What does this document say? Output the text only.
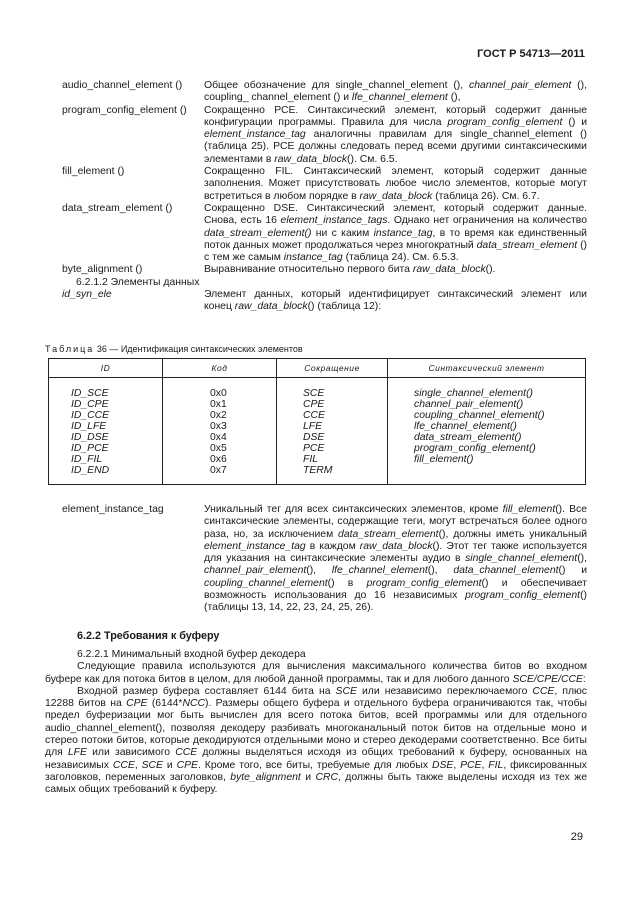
ГОСТ Р 54713—2011
audio_channel_element ()	Общее обозначение для single_channel_element (), channel_pair_element (), coupling_ channel_element () и lfe_channel_element (),
program_config_element ()	Сокращенно РСЕ. Синтаксический элемент, который содержит данные конфигурации программы. Правила для числа program_config_element () и element_instance_tag аналогичны правилам для single_channel_element () (таблица 25). РСЕ должны следовать перед всеми другими синтаксическими элементами в raw_data_block(). См. 6.5.
fill_element ()	Сокращенно FIL. Синтаксический элемент, который содержит данные заполнения. Может присутствовать любое число элементов, которые могут встретиться в любом порядке в raw_data_block (таблица 26). См. 6.7.
data_stream_element ()	Сокращенно DSE. Синтаксический элемент, который содержит данные. Снова, есть 16 element_instance_tags. Однако нет ограничения на количество data_stream_element() ни с каким instance_tag, в то время как единственный поток данных может продолжаться через многократный data_stream_element () с тем же самым instance_tag (таблица 24). См. 6.5.3.
byte_alignment ()	Выравнивание относительно первого бита raw_data_block().
6.2.1.2 Элементы данных
id_syn_ele	Элемент данных, который идентифицирует синтаксический элемент или конец raw_data_block() (таблица 12):
Таблица 36 — Идентификация синтаксических элементов
ID	Код	Сокращение	Синтаксический элемент
ID_SCE	0x0	SCE	single_channel_element()
ID_CPE	0x1	CPE	channel_pair_element()
ID_CCE	0x2	CCE	coupling_channel_element()
ID_LFE	0x3	LFE	lfe_channel_element()
ID_DSE	0x4	DSE	data_stream_element()
ID_PCE	0x5	PCE	program_config_element()
ID_FIL	0x6	FIL	fill_element()
ID_END	0x7	TERM	
element_instance_tag	Уникальный тег для всех синтаксических элементов, кроме fill_element(). Все синтаксические элементы, содержащие теги, могут встречаться более одного раза, но, за исключением data_stream_element(), должны иметь уникальный element_instance_tag в каждом raw_data_block(). Этот тег также используется для указания на синтаксические элементы аудио в single_channel_element(), channel_pair_element(), lfe_channel_element(), data_channel_element() и coupling_channel_element() в program_config_element() и обеспечивает возможность использования до 16 независимых program_config_element() (таблицы 13, 14, 22, 23, 24, 25, 26).
6.2.2 Требования к буферу

6.2.2.1 Минимальный входной буфер декодера

Следующие правила используются для вычисления максимального количества битов во входном буфере как для потока битов в целом, для любой данной программы, так и для любого данного SCE/CPE/CCE:

Входной размер буфера составляет 6144 бита на SCE или независимо переключаемого CCE, плюс 12288 битов на CPE (6144*NCC). Размеры общего буфера и отдельного буфера ограничиваются так, чтобы предел буферизации мог быть вычислен для всего потока битов, всей программы или для отдельного audio_channel_element(), позволяя декодеру разбивать многоканальный поток битов на отдельные моно и стерео потоки битов, которые декодируются отдельными моно и стерео декодерами соответственно. Все биты для LFE или зависимого CCE должны выделяться исходя из общих требований к буферу, основанных на независимых CCE, SCE и CPE. Кроме того, все биты, требуемые для любых DSE, PCE, FIL, фиксированных заголовков, переменных заголовков, byte_alignment и CRC, должны быть также выделены исходя из тех же самых общих требований к буферу.

29
